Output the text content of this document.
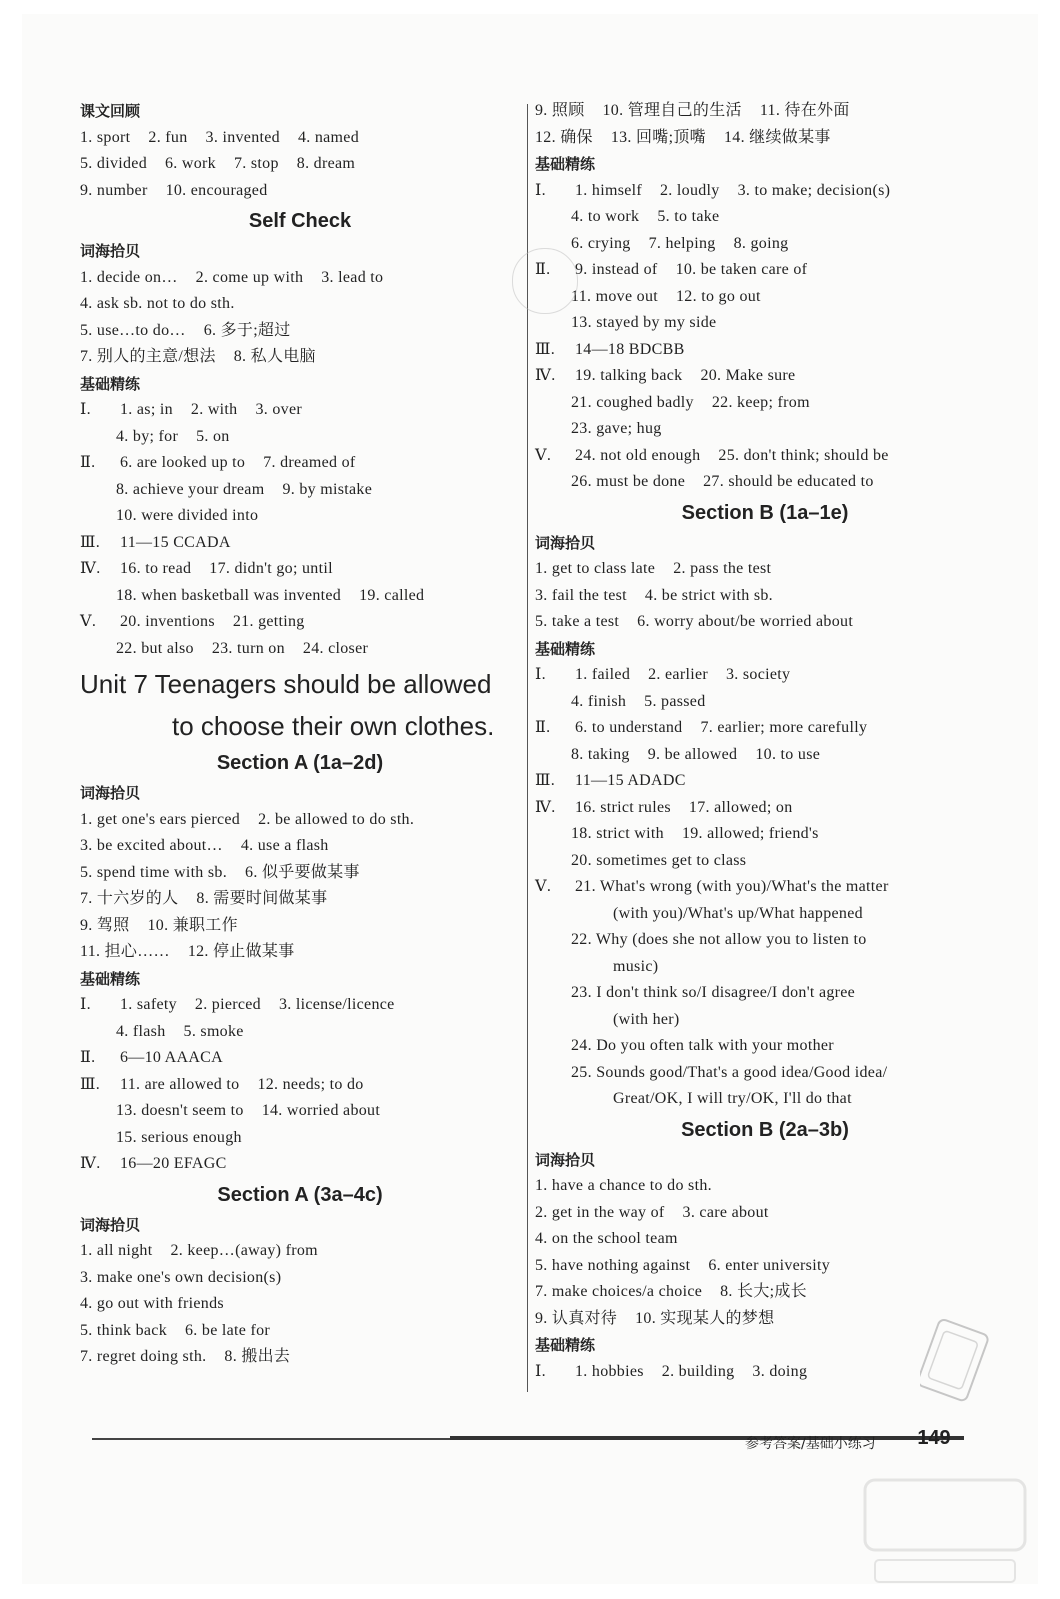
课文回顾
1. sport 2. fun 3. invented 4. named
5. divided 6. work 7. stop 8. dream
9. number 10. encouraged
Self Check
词海拾贝
1. decide on… 2. come up with 3. lead to
4. ask sb. not to do sth.
5. use…to do… 6. 多于;超过
7. 别人的主意/想法 8. 私人电脑
基础精练
Ⅰ. 1. as; in 2. with 3. over
4. by; for 5. on
Ⅱ. 6. are looked up to 7. dreamed of
8. achieve your dream 9. by mistake
10. were divided into
Ⅲ. 11—15 CCADA
Ⅳ. 16. to read 17. didn't go; until
18. when basketball was invented 19. called
Ⅴ. 20. inventions 21. getting
22. but also 23. turn on 24. closer
Unit 7 Teenagers should be allowed
to choose their own clothes.
Section A (1a–2d)
词海拾贝
1. get one's ears pierced 2. be allowed to do sth.
3. be excited about… 4. use a flash
5. spend time with sb. 6. 似乎要做某事
7. 十六岁的人 8. 需要时间做某事
9. 驾照 10. 兼职工作
11. 担心…… 12. 停止做某事
基础精练
Ⅰ. 1. safety 2. pierced 3. license/licence
4. flash 5. smoke
Ⅱ. 6—10 AAACA
Ⅲ. 11. are allowed to 12. needs; to do
13. doesn't seem to 14. worried about
15. serious enough
Ⅳ. 16—20 EFAGC
Section A (3a–4c)
词海拾贝
1. all night 2. keep…(away) from
3. make one's own decision(s)
4. go out with friends
5. think back 6. be late for
7. regret doing sth. 8. 搬出去
9. 照顾 10. 管理自己的生活 11. 待在外面
12. 确保 13. 回嘴;顶嘴 14. 继续做某事
基础精练
Ⅰ. 1. himself 2. loudly 3. to make; decision(s)
4. to work 5. to take
6. crying 7. helping 8. going
Ⅱ. 9. instead of 10. be taken care of
11. move out 12. to go out
13. stayed by my side
Ⅲ. 14—18 BDCBB
Ⅳ. 19. talking back 20. Make sure
21. coughed badly 22. keep; from
23. gave; hug
Ⅴ. 24. not old enough 25. don't think; should be
26. must be done 27. should be educated to
Section B (1a–1e)
词海拾贝
1. get to class late 2. pass the test
3. fail the test 4. be strict with sb.
5. take a test 6. worry about/be worried about
基础精练
Ⅰ. 1. failed 2. earlier 3. society
4. finish 5. passed
Ⅱ. 6. to understand 7. earlier; more carefully
8. taking 9. be allowed 10. to use
Ⅲ. 11—15 ADADC
Ⅳ. 16. strict rules 17. allowed; on
18. strict with 19. allowed; friend's
20. sometimes get to class
Ⅴ. 21. What's wrong (with you)/What's the matter
(with you)/What's up/What happened
22. Why (does she not allow you to listen to
music)
23. I don't think so/I disagree/I don't agree
(with her)
24. Do you often talk with your mother
25. Sounds good/That's a good idea/Good idea/
Great/OK, I will try/OK, I'll do that
Section B (2a–3b)
词海拾贝
1. have a chance to do sth.
2. get in the way of 3. care about
4. on the school team
5. have nothing against 6. enter university
7. make choices/a choice 8. 长大;成长
9. 认真对待 10. 实现某人的梦想
基础精练
Ⅰ. 1. hobbies 2. building 3. doing
参考答案/基础小练习	149
